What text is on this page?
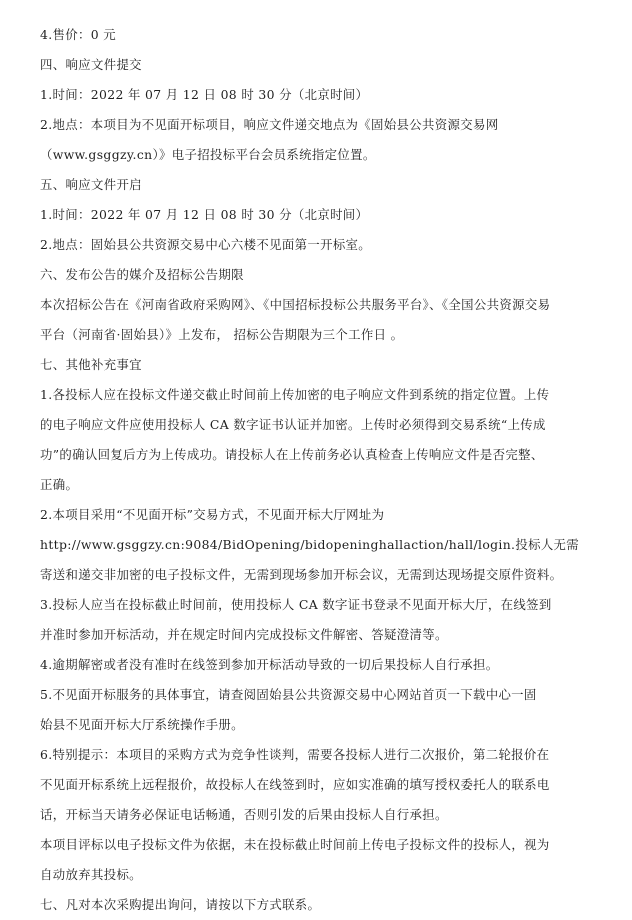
4.售价：0 元
四、响应文件提交
1.时间：2022 年 07 月 12 日 08 时 30 分（北京时间）
2.地点：本项目为不见面开标项目，响应文件递交地点为《固始县公共资源交易网
（www.gsggzy.cn）》电子招投标平台会员系统指定位置。
五、响应文件开启
1.时间：2022 年 07 月 12 日 08 时 30 分（北京时间）
2.地点：固始县公共资源交易中心六楼不见面第一开标室。
六、发布公告的媒介及招标公告期限
本次招标公告在《河南省政府采购网》、《中国招标投标公共服务平台》、《全国公共资源交易
平台（河南省·固始县）》上发布， 招标公告期限为三个工作日 。
七、其他补充事宜
1.各投标人应在投标文件递交截止时间前上传加密的电子响应文件到系统的指定位置。上传
的电子响应文件应使用投标人 CA 数字证书认证并加密。上传时必须得到交易系统“上传成
功”的确认回复后方为上传成功。请投标人在上传前务必认真检查上传响应文件是否完整、
正确。
2.本项目采用“不见面开标”交易方式，不见面开标大厅网址为
http://www.gsggzy.cn:9084/BidOpening/bidopeninghallaction/hall/login.投标人无需
寄送和递交非加密的电子投标文件，无需到现场参加开标会议，无需到达现场提交原件资料。
3.投标人应当在投标截止时间前，使用投标人 CA 数字证书登录不见面开标大厅，在线签到
并准时参加开标活动，并在规定时间内完成投标文件解密、答疑澄清等。
4.逾期解密或者没有准时在线签到参加开标活动导致的一切后果投标人自行承担。
5.不见面开标服务的具体事宜，请查阅固始县公共资源交易中心网站首页一下载中心一固
始县不见面开标大厅系统操作手册。
6.特别提示：本项目的采购方式为竞争性谈判，需要各投标人进行二次报价，第二轮报价在
不见面开标系统上远程报价，故投标人在线签到时，应如实准确的填写授权委托人的联系电
话，开标当天请务必保证电话畅通，否则引发的后果由投标人自行承担。
本项目评标以电子投标文件为依据，未在投标截止时间前上传电子投标文件的投标人，视为
自动放弃其投标。
七、凡对本次采购提出询问，请按以下方式联系。
